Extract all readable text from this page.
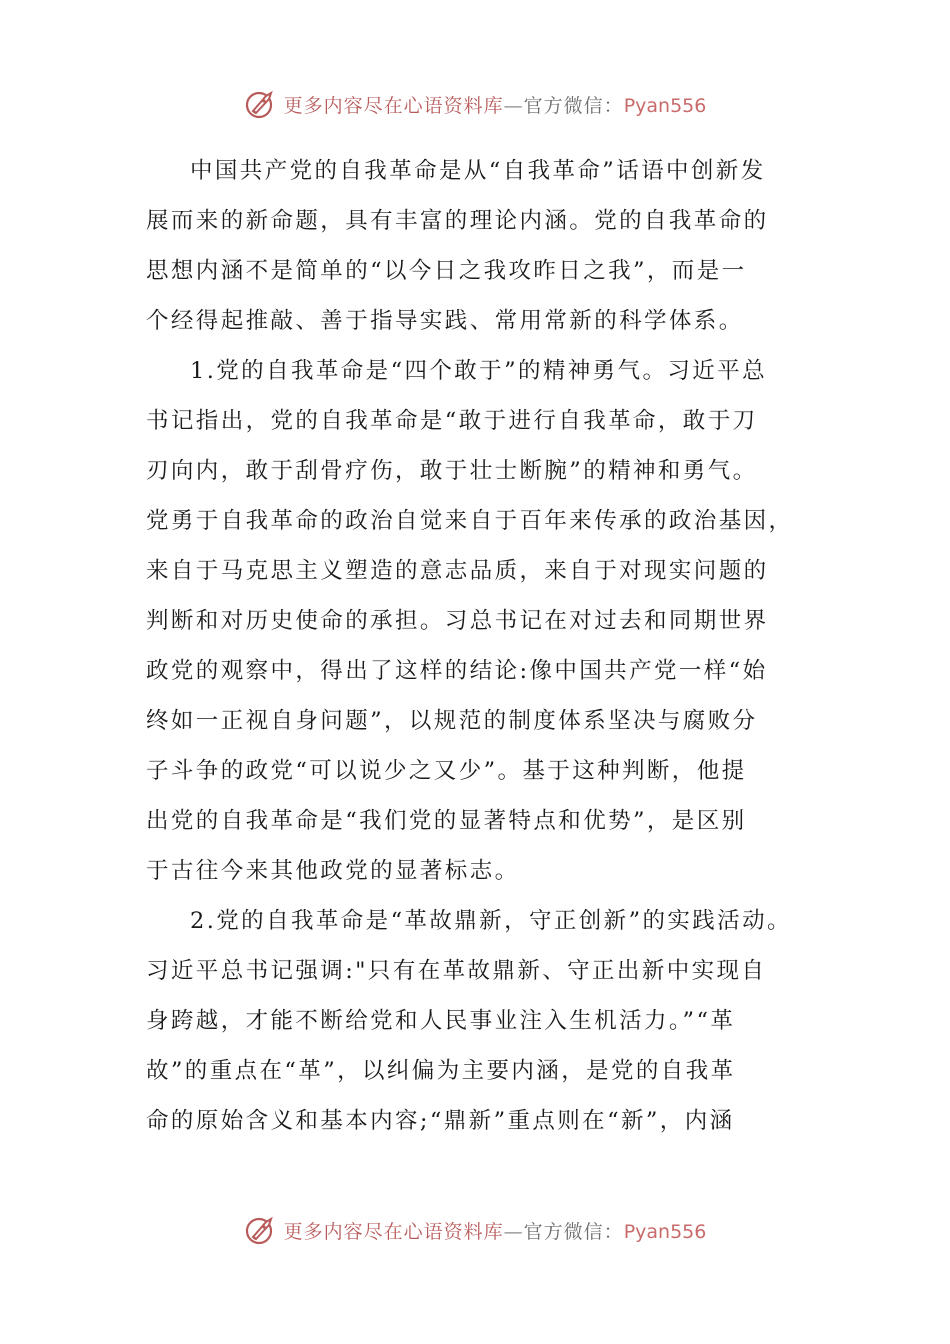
更多内容尽在心语资料库—官方微信：Pyan556
中国共产党的自我革命是从“自我革命”话语中创新发
展而来的新命题，具有丰富的理论内涵。党的自我革命的
思想内涵不是简单的“以今日之我攻昨日之我”，而是一
个经得起推敲、善于指导实践、常用常新的科学体系。
1.党的自我革命是“四个敢于”的精神勇气。习近平总
书记指出，党的自我革命是“敢于进行自我革命，敢于刀
刃向内，敢于刮骨疗伤，敢于壮士断腕”的精神和勇气。
党勇于自我革命的政治自觉来自于百年来传承的政治基因，
来自于马克思主义塑造的意志品质，来自于对现实问题的
判断和对历史使命的承担。习总书记在对过去和同期世界
政党的观察中，得出了这样的结论:像中国共产党一样“始
终如一正视自身问题”，以规范的制度体系坚决与腐败分
子斗争的政党“可以说少之又少”。基于这种判断，他提
出党的自我革命是“我们党的显著特点和优势”，是区别
于古往今来其他政党的显著标志。
2.党的自我革命是“革故鼎新，守正创新”的实践活动。
习近平总书记强调:"只有在革故鼎新、守正出新中实现自
身跨越，才能不断给党和人民事业注入生机活力。”“革
故”的重点在“革”，以纠偏为主要内涵，是党的自我革
命的原始含义和基本内容;“鼎新”重点则在“新”，内涵
更多内容尽在心语资料库—官方微信：Pyan556
